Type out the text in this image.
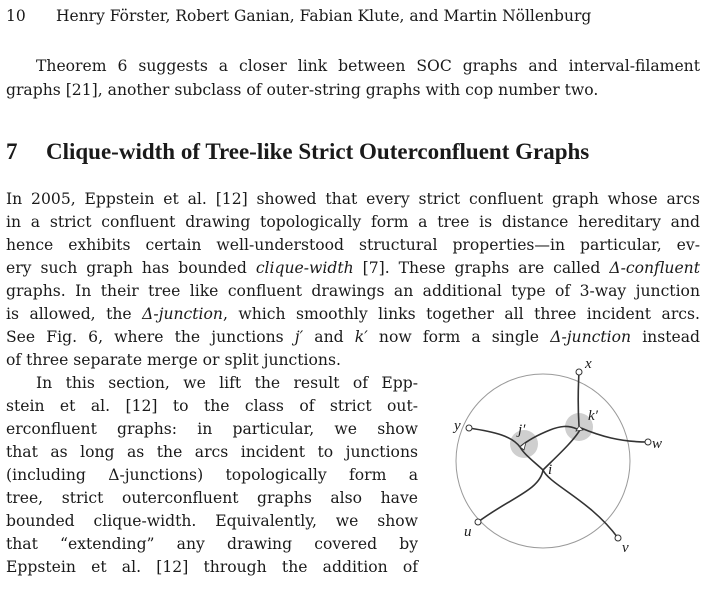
10 Henry Förster, Robert Ganian, Fabian Klute, and Martin Nöllenburg
Theorem 6 suggests a closer link between SOC graphs and interval-filament
graphs [21], another subclass of outer-string graphs with cop number two.
7 Clique-width of Tree-like Strict Outerconfluent Graphs
In 2005, Eppstein et al. [12] showed that every strict confluent graph whose arcs
in a strict confluent drawing topologically form a tree is distance hereditary and
hence exhibits certain well-understood structural properties—in particular, ev-
ery such graph has bounded clique-width [7]. These graphs are called Δ-confluent
graphs. In their tree like confluent drawings an additional type of 3-way junction
is allowed, the Δ-junction, which smoothly links together all three incident arcs.
See Fig. 6, where the junctions j′ and k′ now form a single Δ-junction instead
of three separate merge or split junctions.
In this section, we lift the result of Epp-
stein et al. [12] to the class of strict out-
erconfluent graphs: in particular, we show
that as long as the arcs incident to junctions
(including Δ-junctions) topologically form a
tree, strict outerconfluent graphs also have
bounded clique-width. Equivalently, we show
that “extending” any drawing covered by
Eppstein et al. [12] through the addition of
x
y
w
u
v
j′
k′
i
